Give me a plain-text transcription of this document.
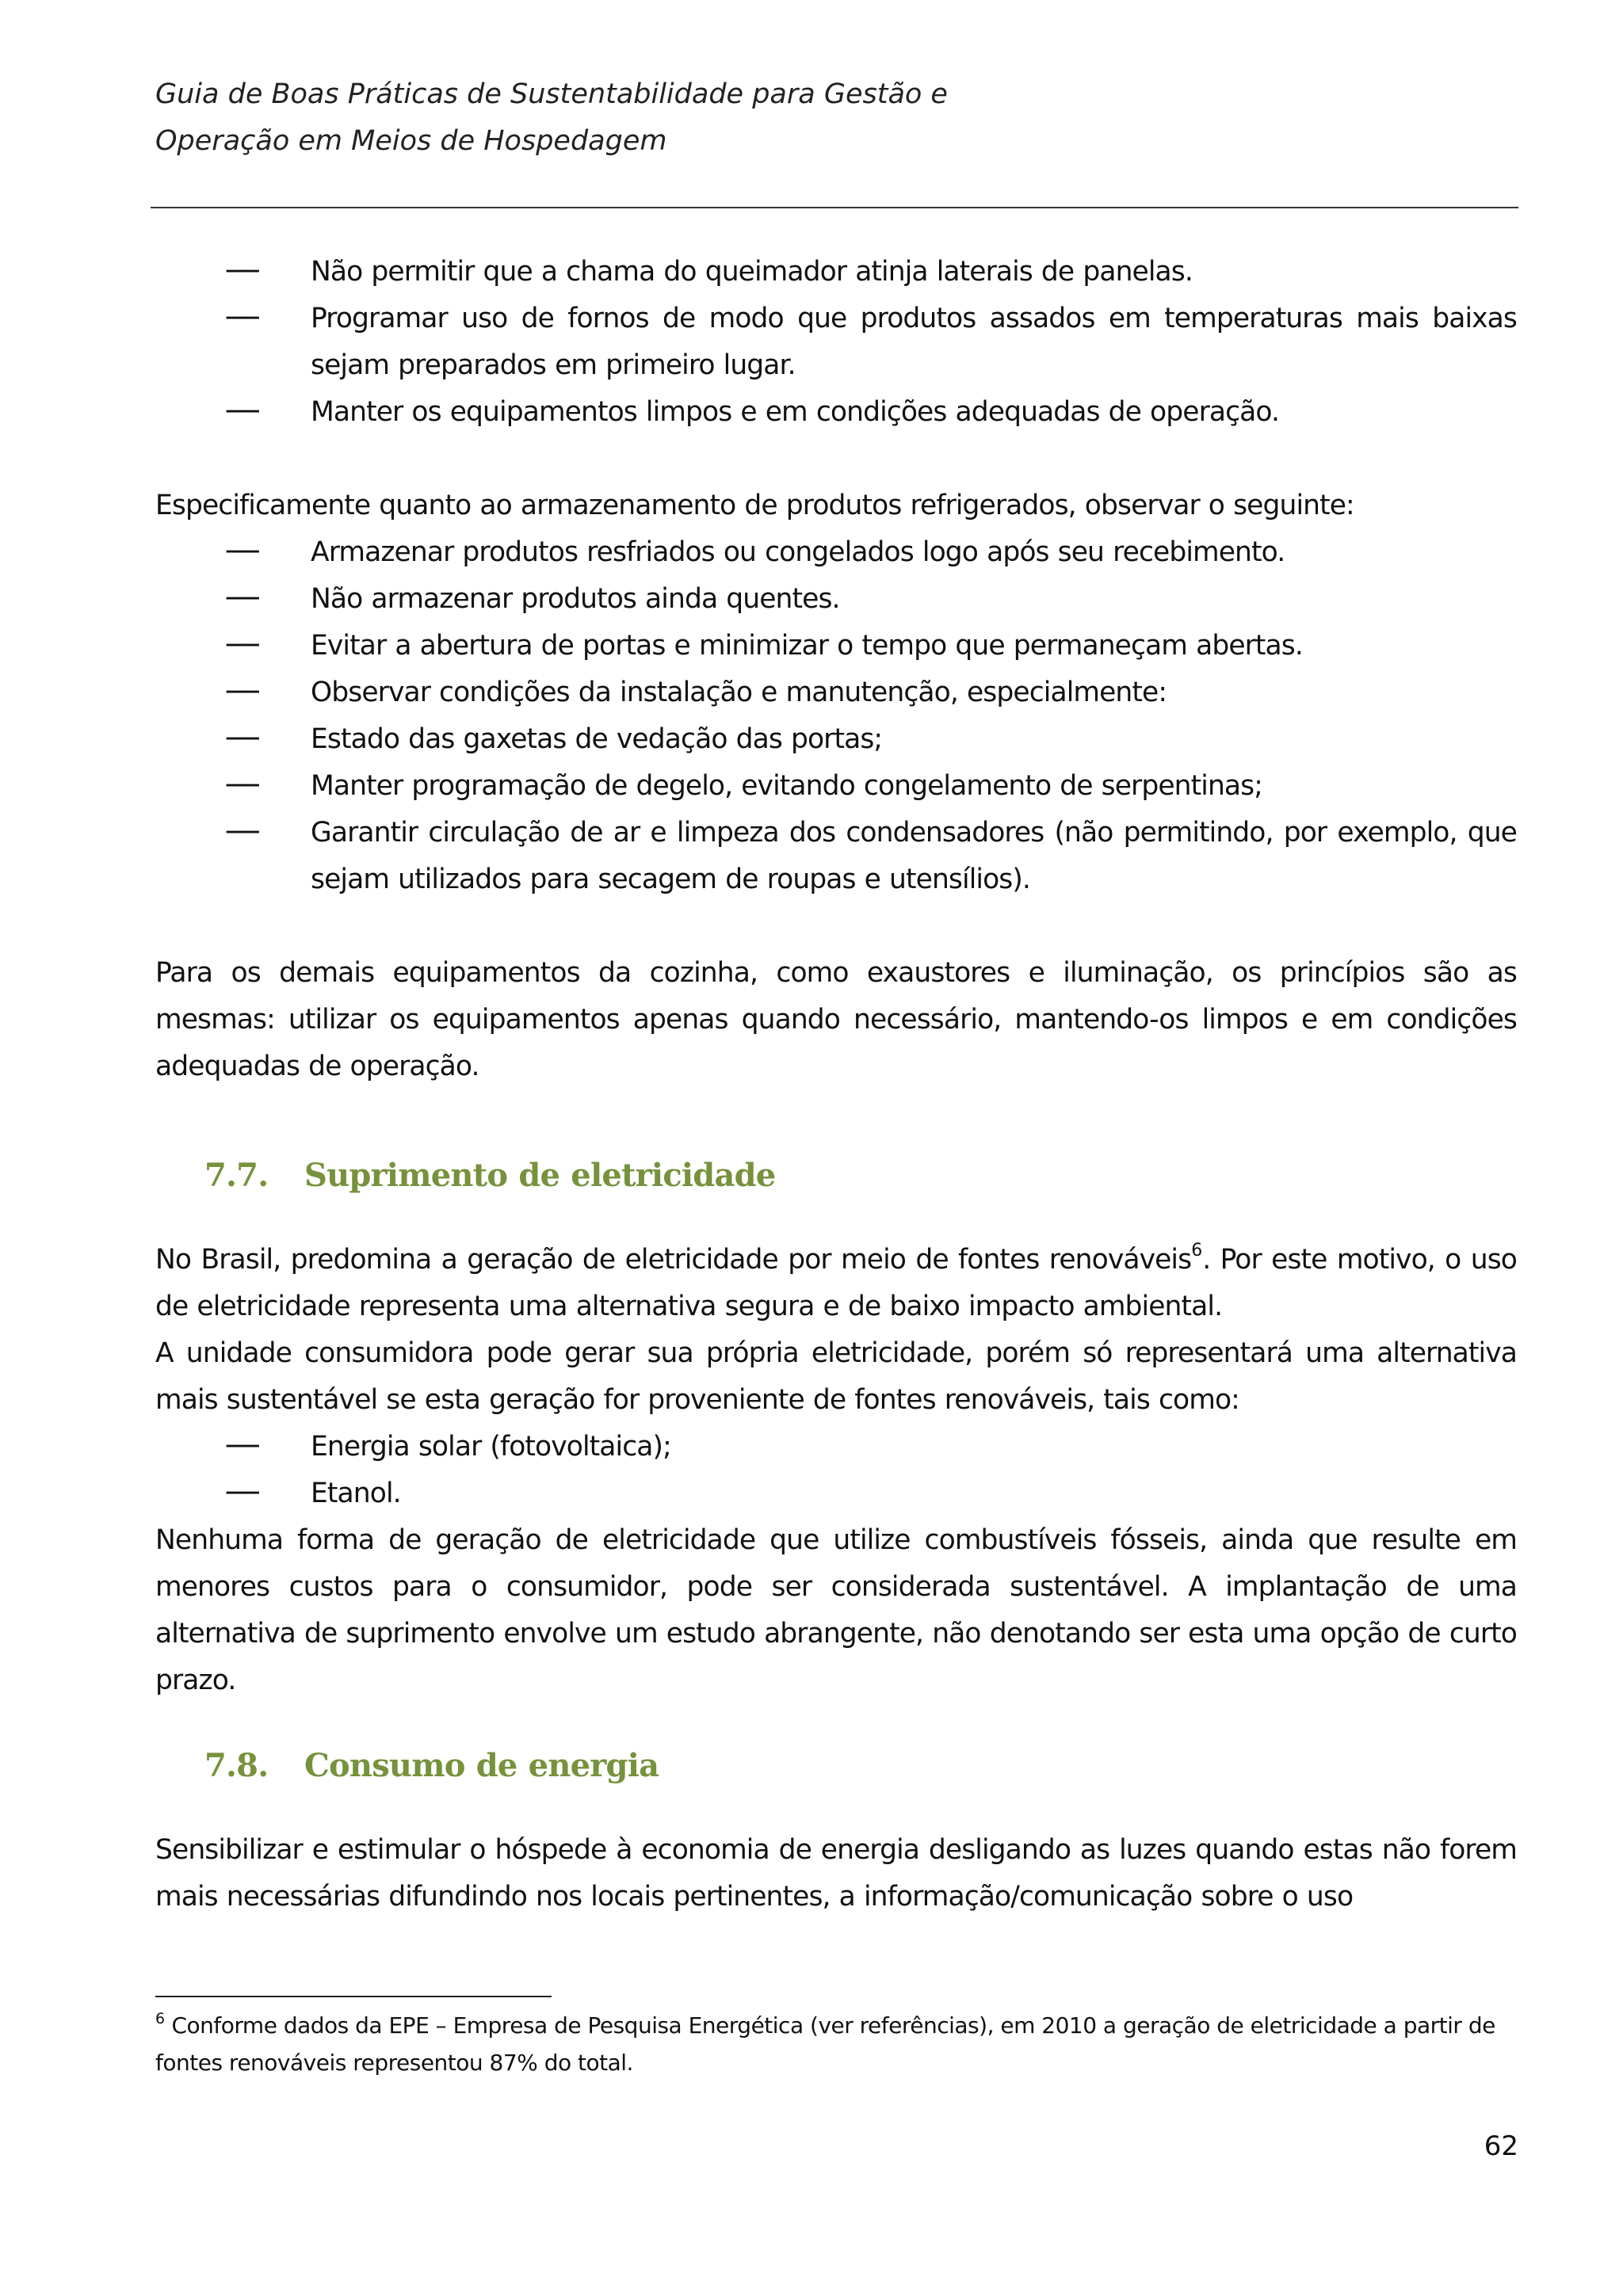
Guia de Boas Práticas de Sustentabilidade para Gestão e
Operação em Meios de Hospedagem
── Não permitir que a chama do queimador atinja laterais de panelas.
── Programar uso de fornos de modo que produtos assados em temperaturas mais baixas sejam preparados em primeiro lugar.
── Manter os equipamentos limpos e em condições adequadas de operação.

Especificamente quanto ao armazenamento de produtos refrigerados, observar o seguinte:

── Armazenar produtos resfriados ou congelados logo após seu recebimento.
── Não armazenar produtos ainda quentes.
── Evitar a abertura de portas e minimizar o tempo que permaneçam abertas.
── Observar condições da instalação e manutenção, especialmente:
── Estado das gaxetas de vedação das portas;
── Manter programação de degelo, evitando congelamento de serpentinas;
── Garantir circulação de ar e limpeza dos condensadores (não permitindo, por exemplo, que sejam utilizados para secagem de roupas e utensílios).

Para os demais equipamentos da cozinha, como exaustores e iluminação, os princípios são as mesmas: utilizar os equipamentos apenas quando necessário, mantendo-os limpos e em condições adequadas de operação.

7.7.	Suprimento de eletricidade

No Brasil, predomina a geração de eletricidade por meio de fontes renováveis$^6$. Por este motivo, o uso de eletricidade representa uma alternativa segura e de baixo impacto ambiental.

A unidade consumidora pode gerar sua própria eletricidade, porém só representará uma alternativa mais sustentável se esta geração for proveniente de fontes renováveis, tais como:

── Energia solar (fotovoltaica);
── Etanol.

Nenhuma forma de geração de eletricidade que utilize combustíveis fósseis, ainda que resulte em menores custos para o consumidor, pode ser considerada sustentável. A implantação de uma alternativa de suprimento envolve um estudo abrangente, não denotando ser esta uma opção de curto prazo.

7.8.	Consumo de energia

Sensibilizar e estimular o hóspede à economia de energia desligando as luzes quando estas não forem mais necessárias difundindo nos locais pertinentes, a informação/comunicação sobre o uso

$^6$ Conforme dados da EPE – Empresa de Pesquisa Energética (ver referências), em 2010 a geração de eletricidade a partir de fontes renováveis representou 87% do total.
62
